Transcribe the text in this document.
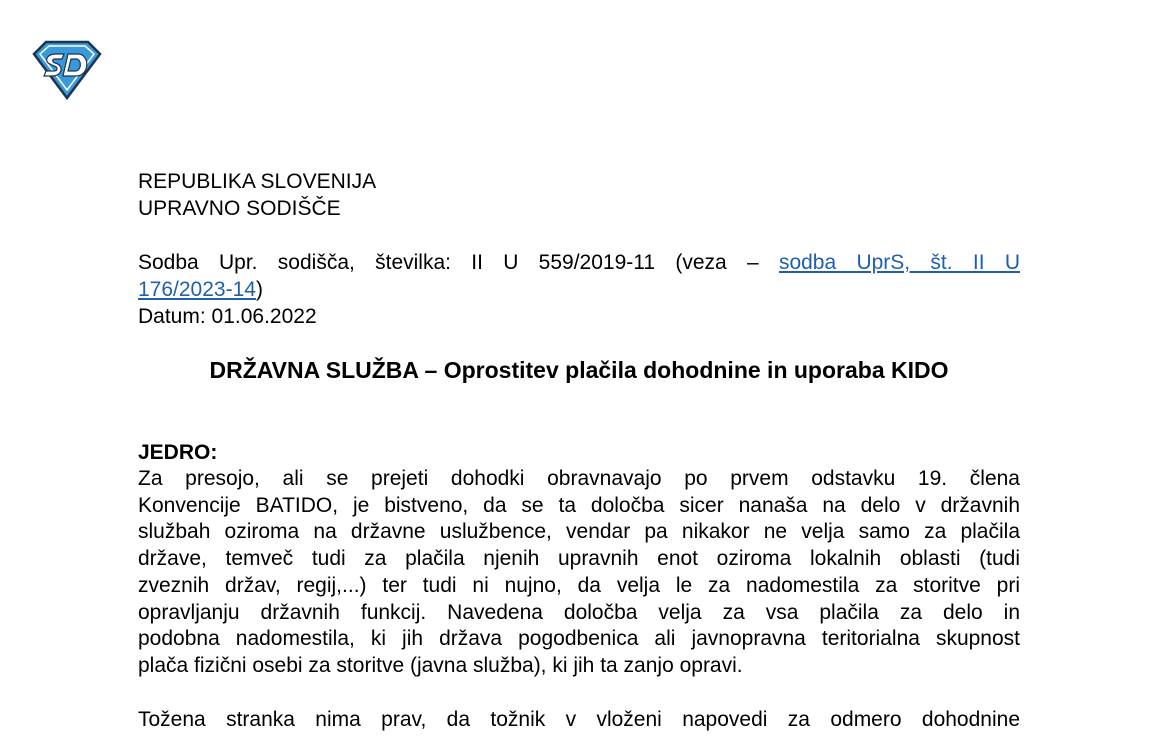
REPUBLIKA SLOVENIJA
UPRAVNO SODIŠČE
Sodba Upr. sodišča, številka: II U 559/2019-11 (veza – sodba UprS, št. II U
176/2023-14)
Datum: 01.06.2022
DRŽAVNA SLUŽBA – Oprostitev plačila dohodnine in uporaba KIDO
JEDRO:
Za presojo, ali se prejeti dohodki obravnavajo po prvem odstavku 19. člena
Konvencije BATIDO, je bistveno, da se ta določba sicer nanaša na delo v državnih
službah oziroma na državne uslužbence, vendar pa nikakor ne velja samo za plačila
države, temveč tudi za plačila njenih upravnih enot oziroma lokalnih oblasti (tudi
zveznih držav, regij,...) ter tudi ni nujno, da velja le za nadomestila za storitve pri
opravljanju državnih funkcij. Navedena določba velja za vsa plačila za delo in
podobna nadomestila, ki jih država pogodbenica ali javnopravna teritorialna skupnost
plača fizični osebi za storitve (javna služba), ki jih ta zanjo opravi.
Tožena stranka nima prav, da tožnik v vloženi napovedi za odmero dohodnine
